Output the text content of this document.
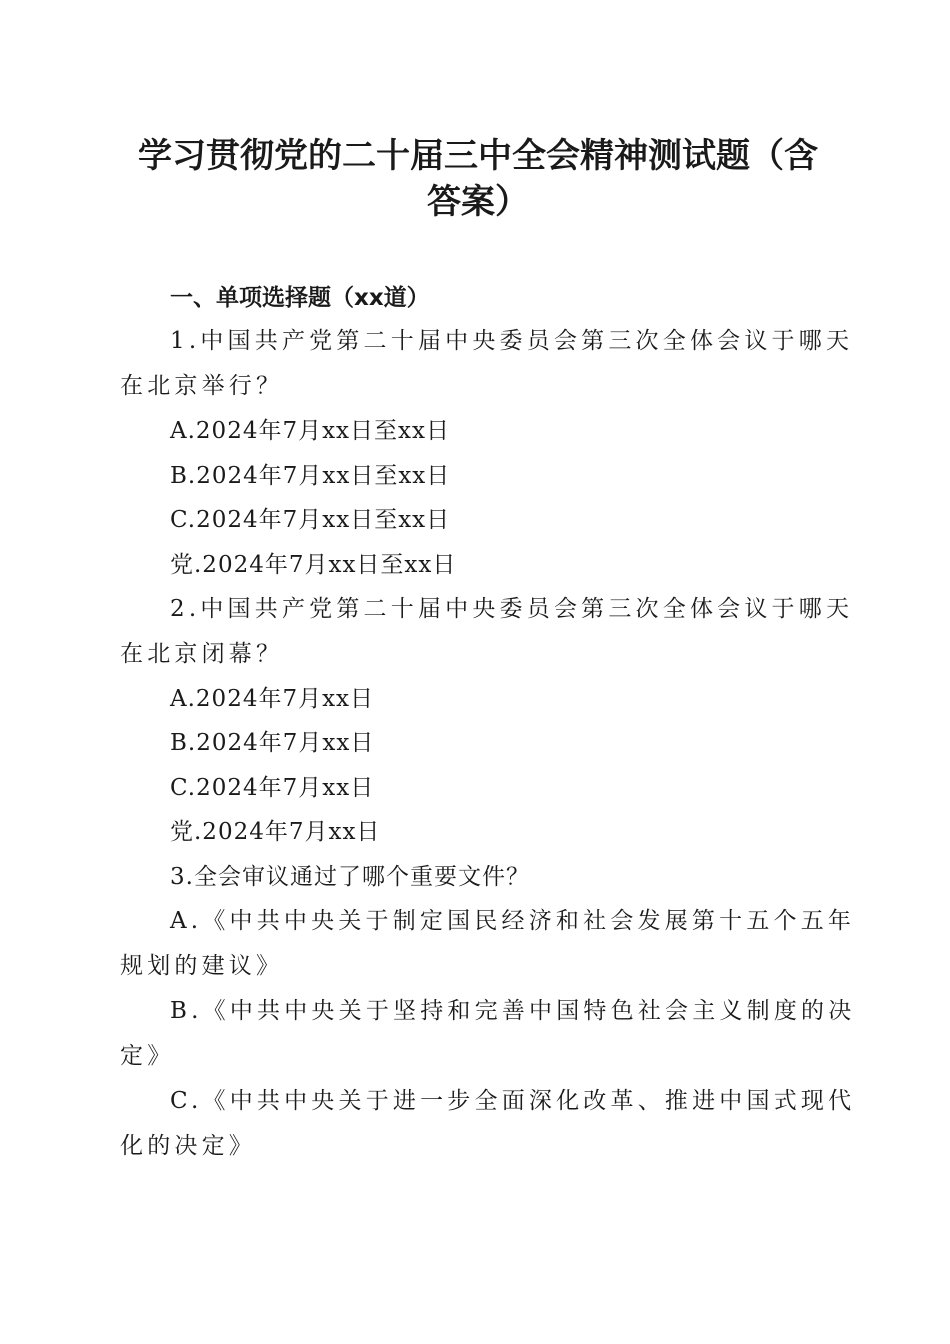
学习贯彻党的二十届三中全会精神测试题（含
答案）
一、单项选择题（xx道）

1.中国共产党第二十届中央委员会第三次全体会议于哪天
在北京举行？

A.2024年7月xx日至xx日

B.2024年7月xx日至xx日

C.2024年7月xx日至xx日

党.2024年7月xx日至xx日

2.中国共产党第二十届中央委员会第三次全体会议于哪天
在北京闭幕？

A.2024年7月xx日

B.2024年7月xx日

C.2024年7月xx日

党.2024年7月xx日

3.全会审议通过了哪个重要文件？

A.《中共中央关于制定国民经济和社会发展第十五个五年
规划的建议》

B.《中共中央关于坚持和完善中国特色社会主义制度的决
定》

C.《中共中央关于进一步全面深化改革、推进中国式现代
化的决定》
